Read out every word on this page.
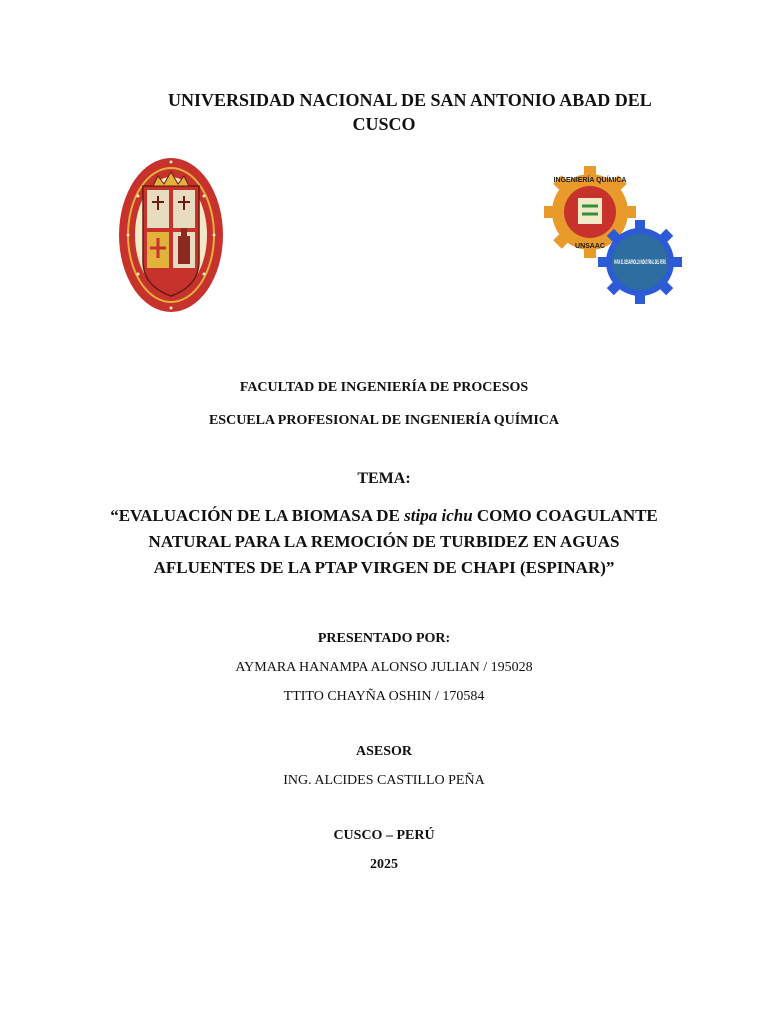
UNIVERSIDAD NACIONAL DE SAN ANTONIO ABAD DEL
CUSCO
INGENIERÍA QUÍMICA
UNSAAC
PARA EL DESARROLLO INDUSTRIAL DEL PERÚ
FACULTAD DE INGENIERÍA DE PROCESOS
ESCUELA PROFESIONAL DE INGENIERÍA QUÍMICA
TEMA:
“EVALUACIÓN DE LA BIOMASA DE stipa ichu COMO COAGULANTE NATURAL PARA LA REMOCIÓN DE TURBIDEZ EN AGUAS AFLUENTES DE LA PTAP VIRGEN DE CHAPI (ESPINAR)”
PRESENTADO POR:
AYMARA HANAMPA ALONSO JULIAN / 195028
TTITO CHAYÑA OSHIN / 170584
ASESOR
ING. ALCIDES CASTILLO PEÑA
CUSCO – PERÚ
2025
